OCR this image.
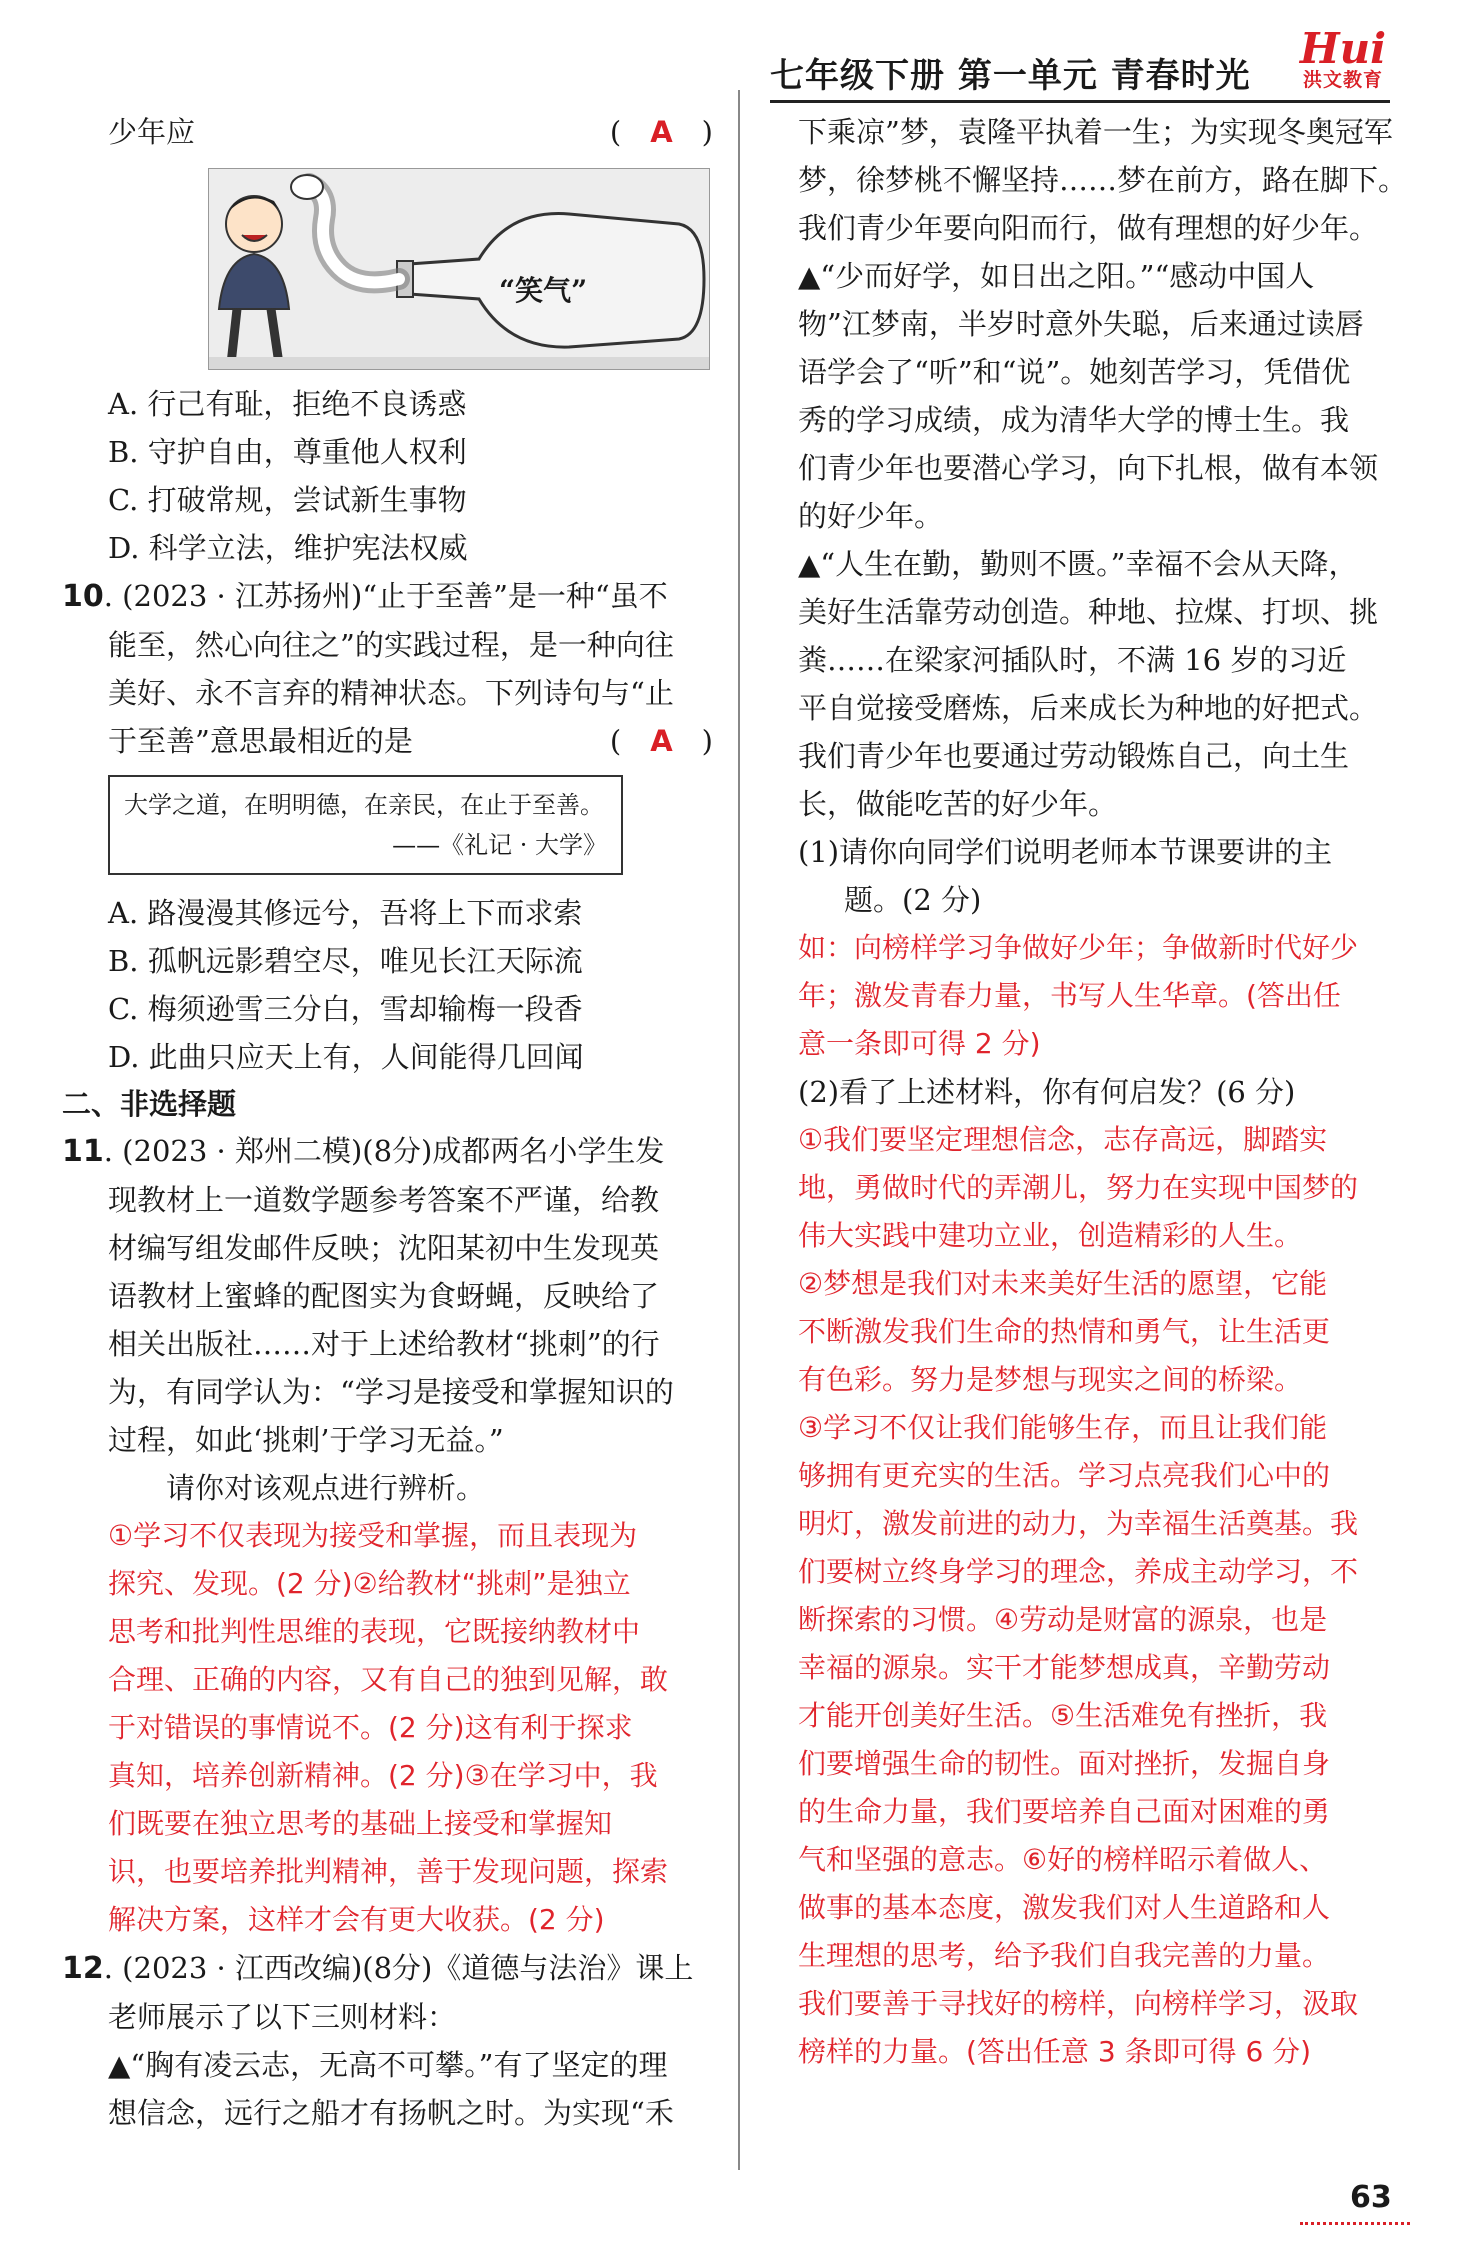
七年级下册 第一单元 青春时光
Hui
洪文教育
少年应	(　A　)
“笑气”
A. 行己有耻，拒绝不良诱惑
B. 守护自由，尊重他人权利
C. 打破常规，尝试新生事物
D. 科学立法，维护宪法权威
10. (2023 · 江苏扬州)“止于至善”是一种“虽不
能至，然心向往之”的实践过程，是一种向往
美好、永不言弃的精神状态。下列诗句与“止
于至善”意思最相近的是	(　A　)
大学之道，在明明德，在亲民，在止于至善。
——《礼记 · 大学》
A. 路漫漫其修远兮，吾将上下而求索
B. 孤帆远影碧空尽，唯见长江天际流
C. 梅须逊雪三分白，雪却输梅一段香
D. 此曲只应天上有，人间能得几回闻
二、非选择题
11. (2023 · 郑州二模)(8分)成都两名小学生发
现教材上一道数学题参考答案不严谨，给教
材编写组发邮件反映；沈阳某初中生发现英
语教材上蜜蜂的配图实为食蚜蝇，反映给了
相关出版社……对于上述给教材“挑刺”的行
为，有同学认为：“学习是接受和掌握知识的
过程，如此‘挑刺’于学习无益。”
请你对该观点进行辨析。
①学习不仅表现为接受和掌握，而且表现为
探究、发现。(2 分)②给教材“挑刺”是独立
思考和批判性思维的表现，它既接纳教材中
合理、正确的内容，又有自己的独到见解，敢
于对错误的事情说不。(2 分)这有利于探求
真知，培养创新精神。(2 分)③在学习中，我
们既要在独立思考的基础上接受和掌握知
识，也要培养批判精神，善于发现问题，探索
解决方案，这样才会有更大收获。(2 分)
12. (2023 · 江西改编)(8分)《道德与法治》课上
老师展示了以下三则材料：
▲“胸有凌云志，无高不可攀。”有了坚定的理
想信念，远行之船才有扬帆之时。为实现“禾
下乘凉”梦，袁隆平执着一生；为实现冬奥冠军
梦，徐梦桃不懈坚持……梦在前方，路在脚下。
我们青少年要向阳而行，做有理想的好少年。
▲“少而好学，如日出之阳。”“感动中国人
物”江梦南，半岁时意外失聪，后来通过读唇
语学会了“听”和“说”。她刻苦学习，凭借优
秀的学习成绩，成为清华大学的博士生。我
们青少年也要潜心学习，向下扎根，做有本领
的好少年。
▲“人生在勤，勤则不匮。”幸福不会从天降，
美好生活靠劳动创造。种地、拉煤、打坝、挑
粪……在梁家河插队时，不满 16 岁的习近
平自觉接受磨炼，后来成长为种地的好把式。
我们青少年也要通过劳动锻炼自己，向土生
长，做能吃苦的好少年。
(1)请你向同学们说明老师本节课要讲的主
题。(2 分)
如：向榜样学习争做好少年；争做新时代好少
年；激发青春力量，书写人生华章。(答出任
意一条即可得 2 分)
(2)看了上述材料，你有何启发？(6 分)
①我们要坚定理想信念，志存高远，脚踏实
地，勇做时代的弄潮儿，努力在实现中国梦的
伟大实践中建功立业，创造精彩的人生。
②梦想是我们对未来美好生活的愿望，它能
不断激发我们生命的热情和勇气，让生活更
有色彩。努力是梦想与现实之间的桥梁。
③学习不仅让我们能够生存，而且让我们能
够拥有更充实的生活。学习点亮我们心中的
明灯，激发前进的动力，为幸福生活奠基。我
们要树立终身学习的理念，养成主动学习，不
断探索的习惯。④劳动是财富的源泉，也是
幸福的源泉。实干才能梦想成真，辛勤劳动
才能开创美好生活。⑤生活难免有挫折，我
们要增强生命的韧性。面对挫折，发掘自身
的生命力量，我们要培养自己面对困难的勇
气和坚强的意志。⑥好的榜样昭示着做人、
做事的基本态度，激发我们对人生道路和人
生理想的思考，给予我们自我完善的力量。
我们要善于寻找好的榜样，向榜样学习，汲取
榜样的力量。(答出任意 3 条即可得 6 分)
63
